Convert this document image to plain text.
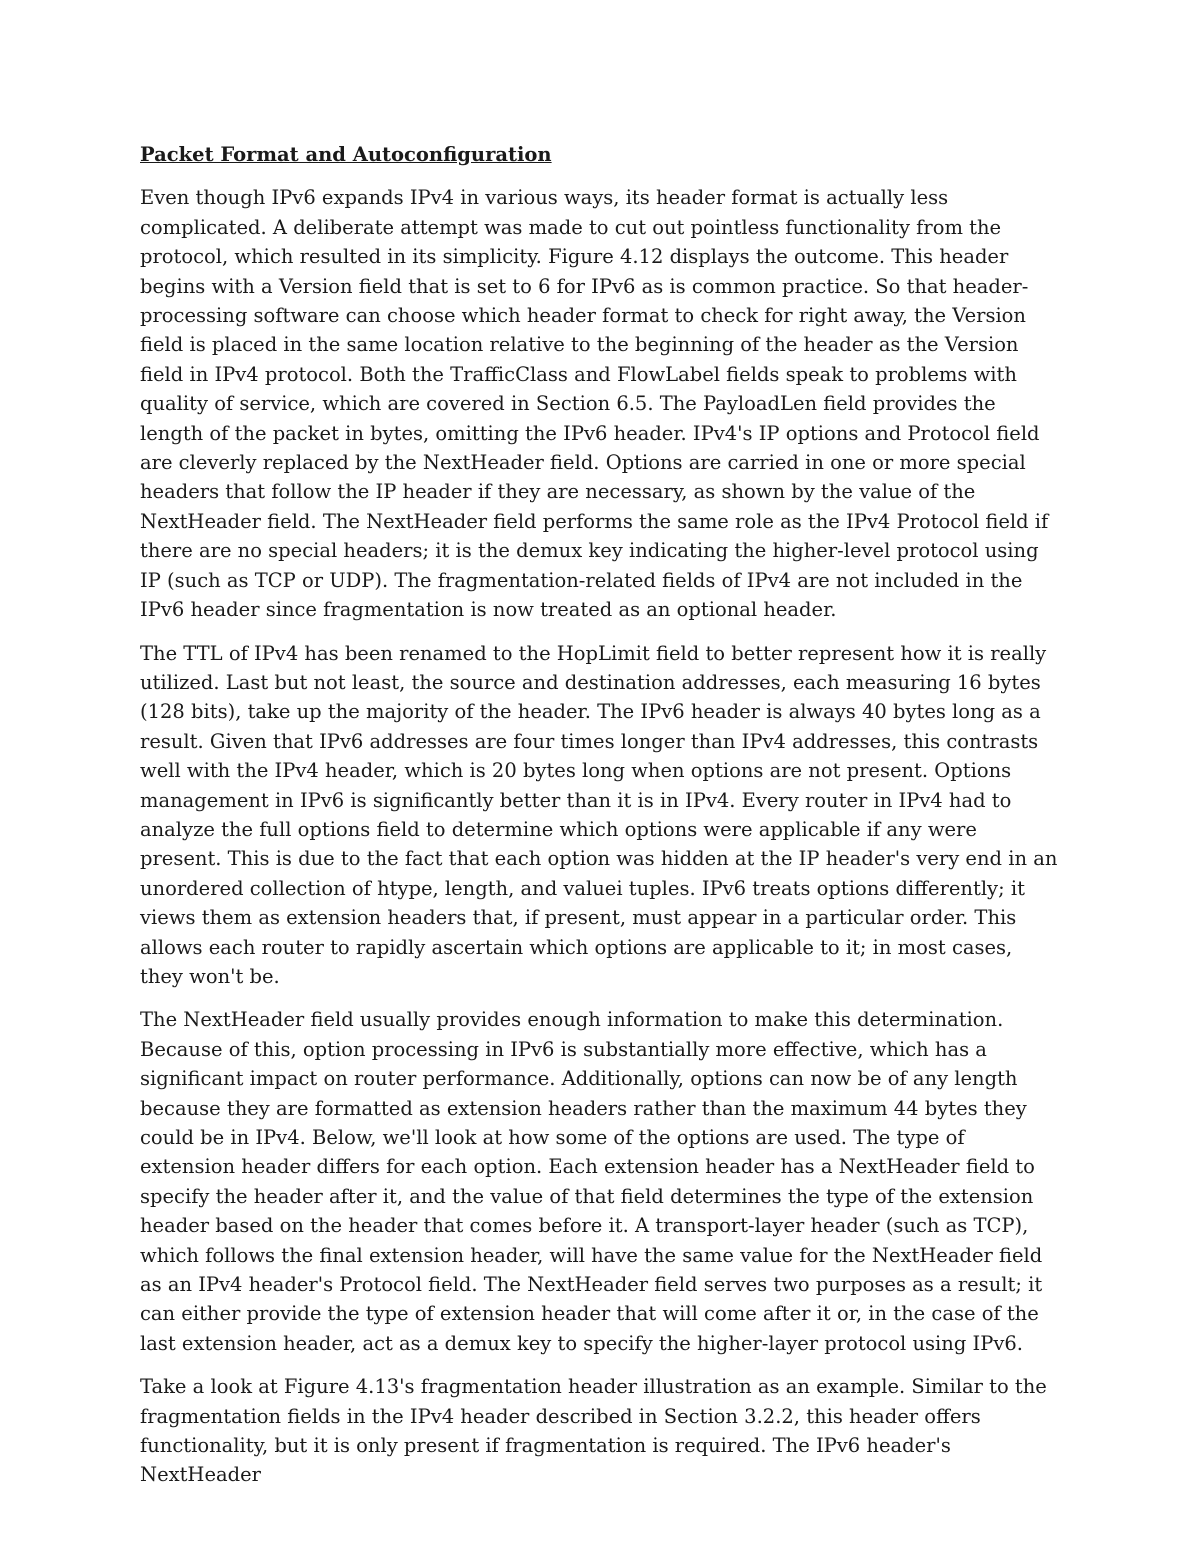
Packet Format and Autoconfiguration

Even though IPv6 expands IPv4 in various ways, its header format is actually less complicated. A deliberate attempt was made to cut out pointless functionality from the protocol, which resulted in its simplicity. Figure 4.12 displays the outcome. This header begins with a Version field that is set to 6 for IPv6 as is common practice. So that header-processing software can choose which header format to check for right away, the Version field is placed in the same location relative to the beginning of the header as the Version field in IPv4 protocol. Both the TrafficClass and FlowLabel fields speak to problems with quality of service, which are covered in Section 6.5. The PayloadLen field provides the length of the packet in bytes, omitting the IPv6 header. IPv4's IP options and Protocol field are cleverly replaced by the NextHeader field. Options are carried in one or more special headers that follow the IP header if they are necessary, as shown by the value of the NextHeader field. The NextHeader field performs the same role as the IPv4 Protocol field if there are no special headers; it is the demux key indicating the higher-level protocol using IP (such as TCP or UDP). The fragmentation-related fields of IPv4 are not included in the IPv6 header since fragmentation is now treated as an optional header.

The TTL of IPv4 has been renamed to the HopLimit field to better represent how it is really utilized. Last but not least, the source and destination addresses, each measuring 16 bytes (128 bits), take up the majority of the header. The IPv6 header is always 40 bytes long as a result. Given that IPv6 addresses are four times longer than IPv4 addresses, this contrasts well with the IPv4 header, which is 20 bytes long when options are not present. Options management in IPv6 is significantly better than it is in IPv4. Every router in IPv4 had to analyze the full options field to determine which options were applicable if any were present. This is due to the fact that each option was hidden at the IP header's very end in an unordered collection of htype, length, and valuei tuples. IPv6 treats options differently; it views them as extension headers that, if present, must appear in a particular order. This allows each router to rapidly ascertain which options are applicable to it; in most cases, they won't be.

The NextHeader field usually provides enough information to make this determination. Because of this, option processing in IPv6 is substantially more effective, which has a significant impact on router performance. Additionally, options can now be of any length because they are formatted as extension headers rather than the maximum 44 bytes they could be in IPv4. Below, we'll look at how some of the options are used. The type of extension header differs for each option. Each extension header has a NextHeader field to specify the header after it, and the value of that field determines the type of the extension header based on the header that comes before it. A transport-layer header (such as TCP), which follows the final extension header, will have the same value for the NextHeader field as an IPv4 header's Protocol field. The NextHeader field serves two purposes as a result; it can either provide the type of extension header that will come after it or, in the case of the last extension header, act as a demux key to specify the higher-layer protocol using IPv6.

Take a look at Figure 4.13's fragmentation header illustration as an example. Similar to the fragmentation fields in the IPv4 header described in Section 3.2.2, this header offers functionality, but it is only present if fragmentation is required. The IPv6 header's NextHeader
